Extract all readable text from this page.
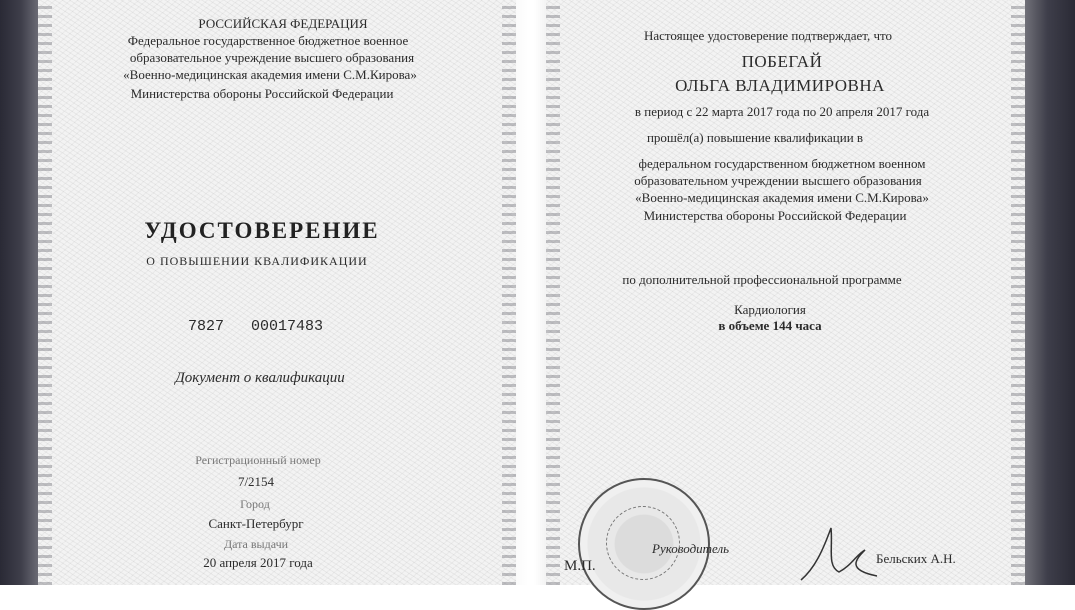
РОССИЙСКАЯ ФЕДЕРАЦИЯ
Федеральное государственное бюджетное военное
образовательное учреждение высшего образования
«Военно-медицинская академия имени С.М.Кирова»
Министерства обороны Российской Федерации
УДОСТОВЕРЕНИЕ
О ПОВЫШЕНИИ КВАЛИФИКАЦИИ
7827 00017483
Документ о квалификации
Регистрационный номер
7/2154
Город
Санкт-Петербург
Дата выдачи
20 апреля 2017 года
Настоящее удостоверение подтверждает, что
ПОБЕГАЙ
ОЛЬГА ВЛАДИМИРОВНА
в период с 22 марта 2017 года по 20 апреля 2017 года
прошёл(а) повышение квалификации в
федеральном государственном бюджетном военном
образовательном учреждении высшего образования
«Военно-медицинская академия имени С.М.Кирова»
Министерства обороны Российской Федерации
по дополнительной профессиональной программе
Кардиология
в объеме 144 часа
М.П.
Руководитель
Бельских А.Н.
